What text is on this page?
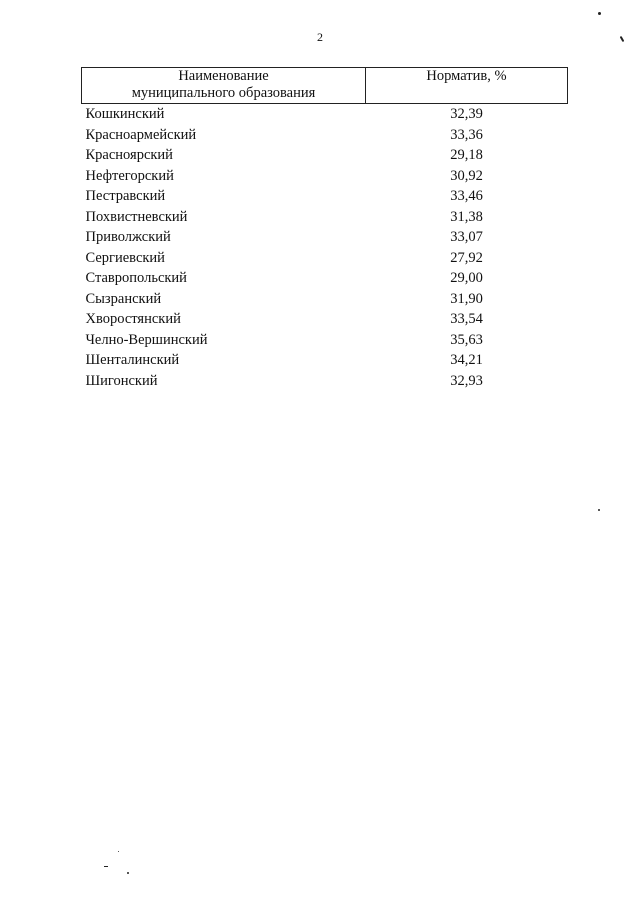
2
Наименование
муниципального образования	Норматив, %
Кошкинский	32,39
Красноармейский	33,36
Красноярский	29,18
Нефтегорский	30,92
Пестравский	33,46
Похвистневский	31,38
Приволжский	33,07
Сергиевский	27,92
Ставропольский	29,00
Сызранский	31,90
Хворостянский	33,54
Челно-Вершинский	35,63
Шенталинский	34,21
Шигонский	32,93
